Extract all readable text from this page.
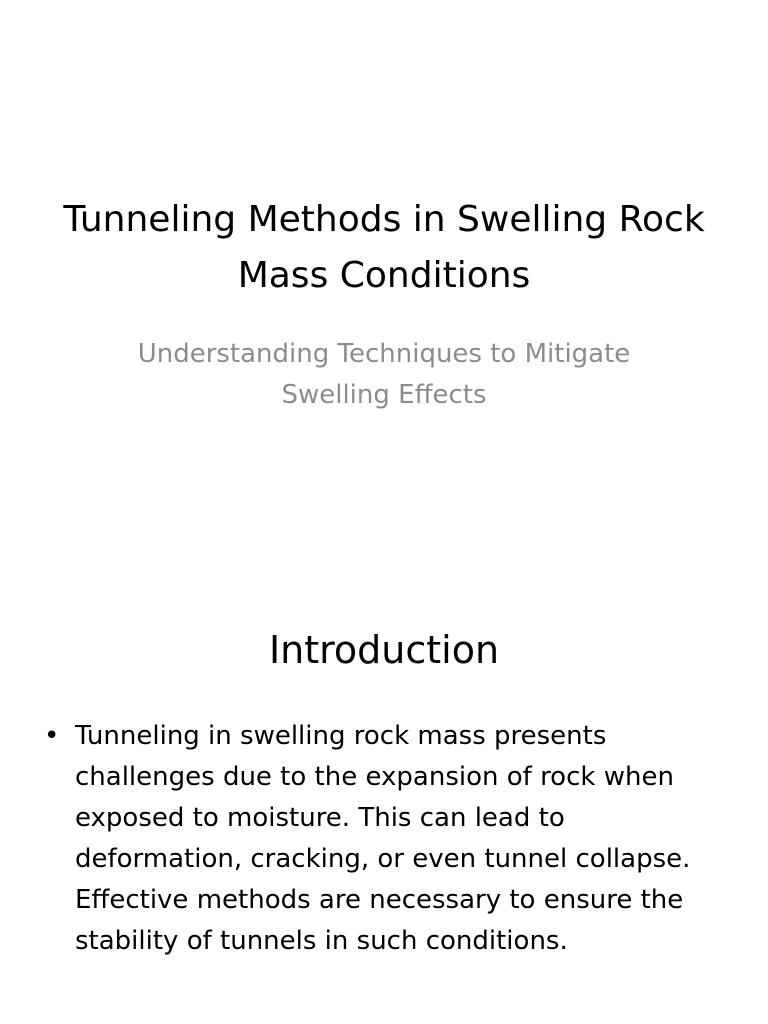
Tunneling Methods in Swelling Rock Mass Conditions

Understanding Techniques to Mitigate Swelling Effects

Introduction
• Tunneling in swelling rock mass presents challenges due to the expansion of rock when exposed to moisture. This can lead to deformation, cracking, or even tunnel collapse. Effective methods are necessary to ensure the stability of tunnels in such conditions.
